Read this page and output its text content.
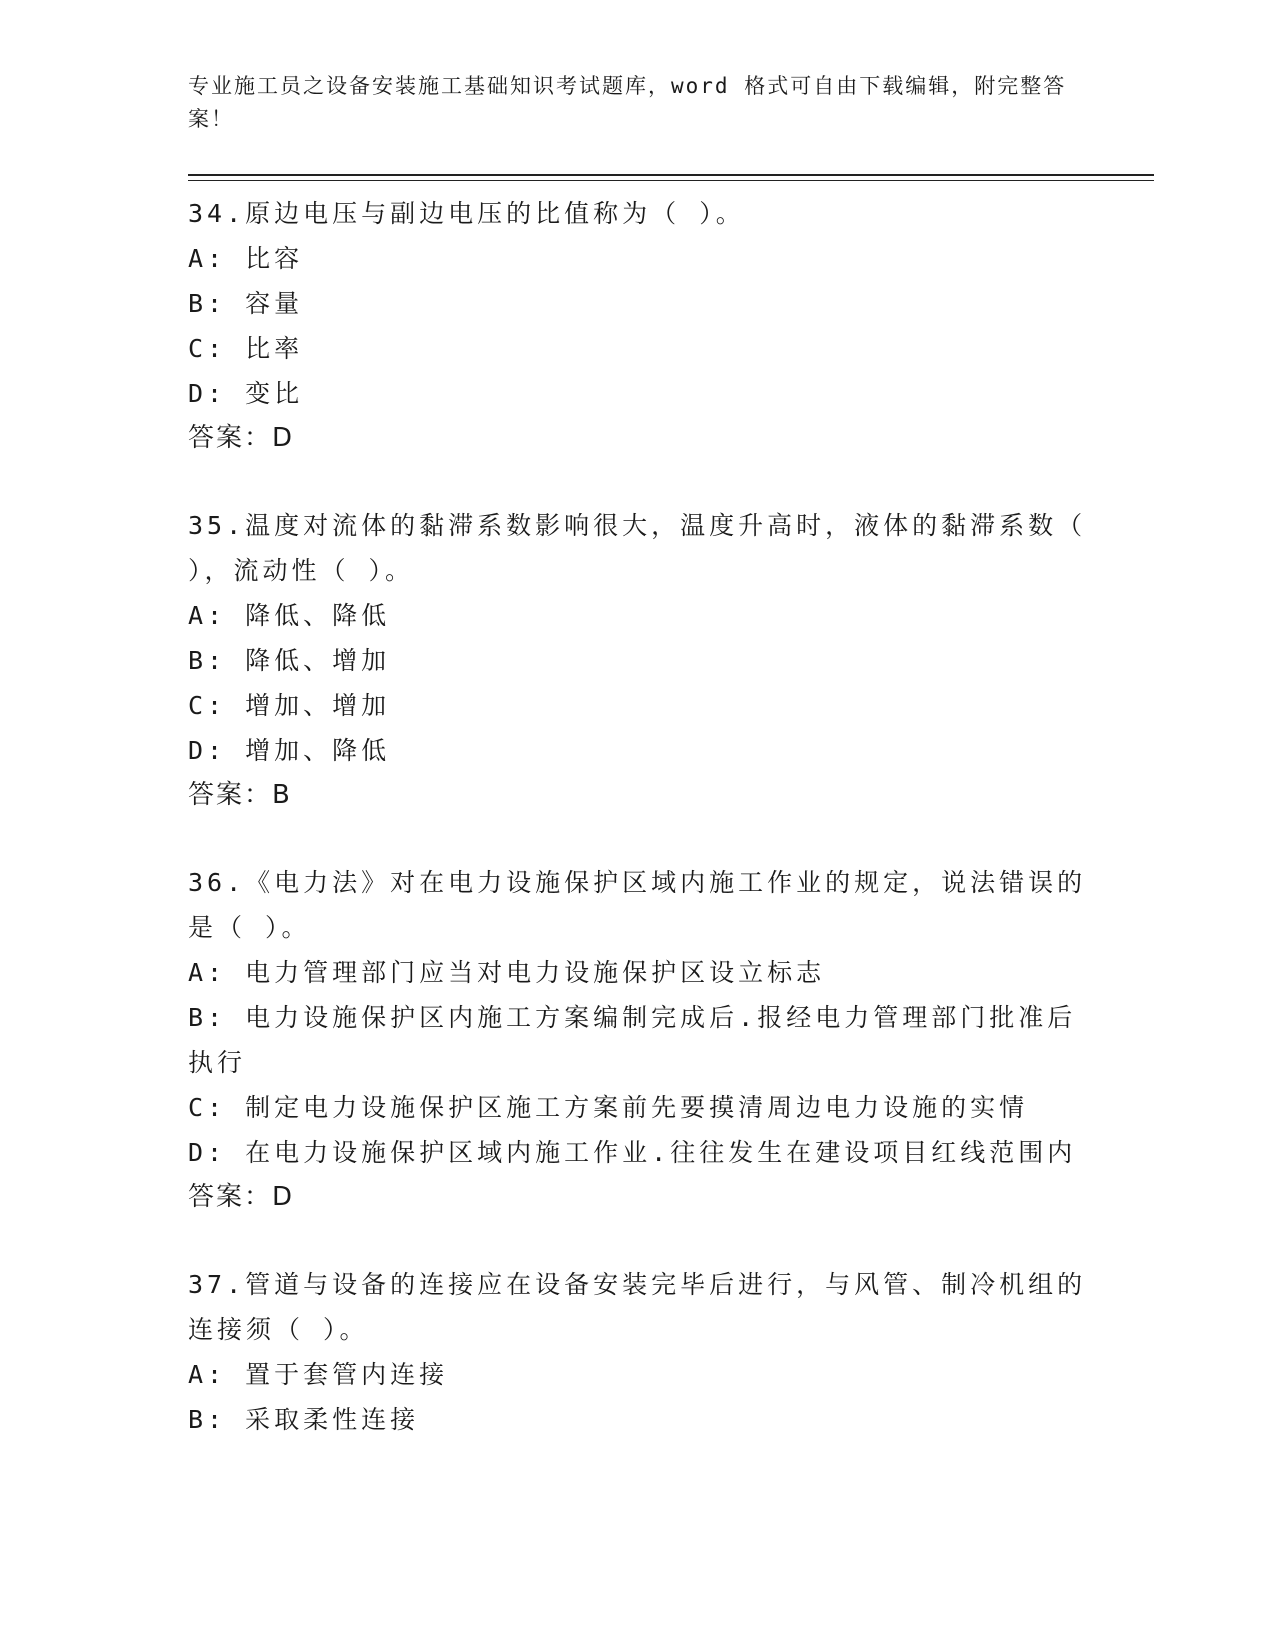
专业施工员之设备安装施工基础知识考试题库，word 格式可自由下载编辑，附完整答案！

34.原边电压与副边电压的比值称为（ ）。

A: 比容

B: 容量

C: 比率

D: 变比

答案：D

35.温度对流体的黏滞系数影响很大，温度升高时，液体的黏滞系数（ ），流动性（ ）。

A: 降低、降低

B: 降低、增加

C: 增加、增加

D: 增加、降低

答案：B

36.《电力法》对在电力设施保护区域内施工作业的规定，说法错误的是（ ）。

A: 电力管理部门应当对电力设施保护区设立标志

B: 电力设施保护区内施工方案编制完成后.报经电力管理部门批准后执行

C: 制定电力设施保护区施工方案前先要摸清周边电力设施的实情

D: 在电力设施保护区域内施工作业.往往发生在建设项目红线范围内

答案：D

37.管道与设备的连接应在设备安装完毕后进行，与风管、制冷机组的连接须（ ）。

A: 置于套管内连接

B: 采取柔性连接
